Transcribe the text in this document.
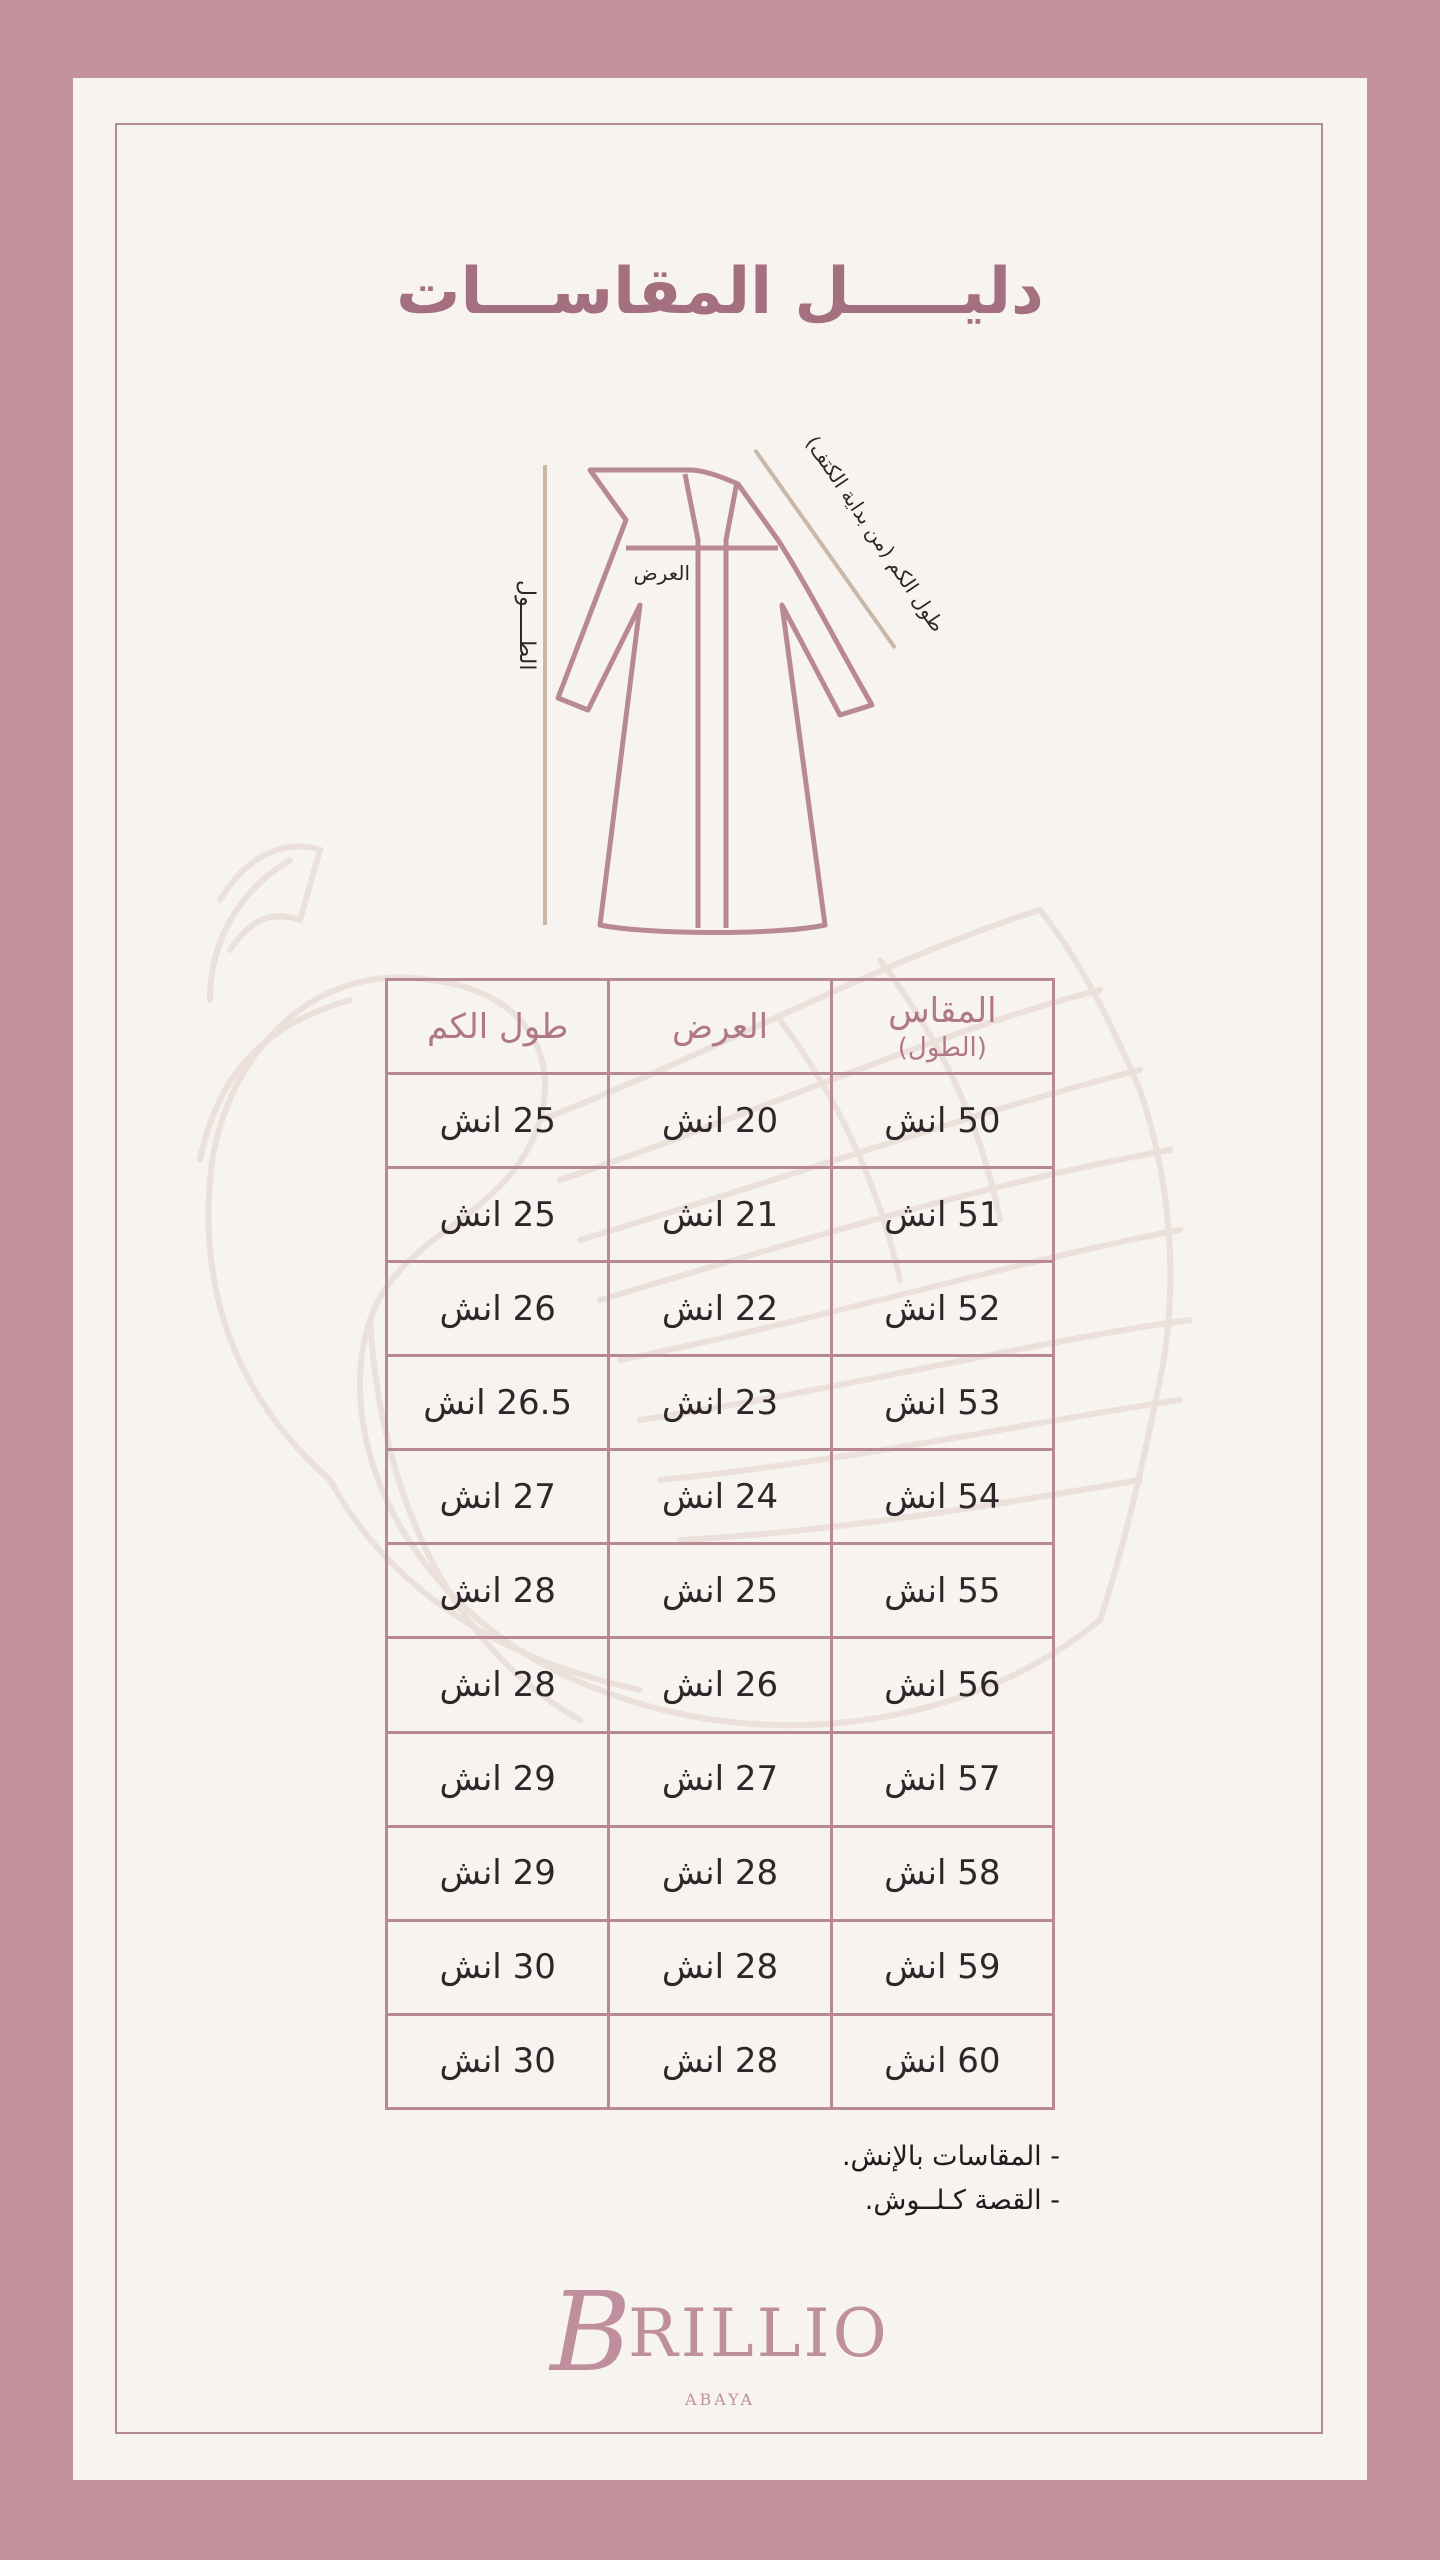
دليـــــل المقاســـات
الطـــــول
العرض	طول الكم (من بداية الكتف)
المقاس
(الطول)	العرض	طول الكم
50 انش	20 انش	25 انش
51 انش	21 انش	25 انش
52 انش	22 انش	26 انش
53 انش	23 انش	26.5 انش
54 انش	24 انش	27 انش
55 انش	25 انش	28 انش
56 انش	26 انش	28 انش
57 انش	27 انش	29 انش
58 انش	28 انش	29 انش
59 انش	28 انش	30 انش
60 انش	28 انش	30 انش
- المقاسات بالإنش.
- القصة كـلــوش.
BRILLIO
ABAYA
